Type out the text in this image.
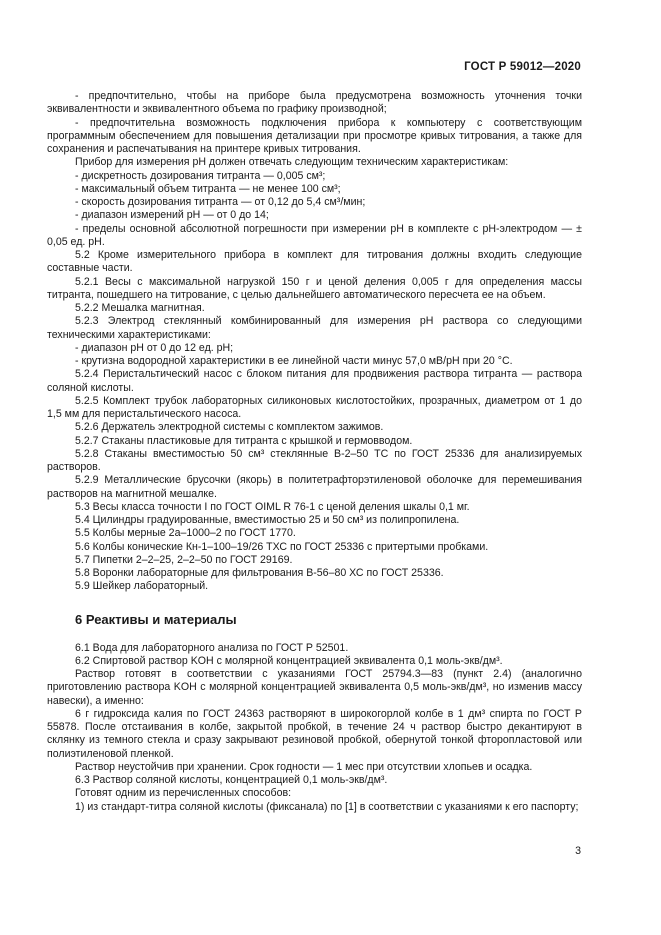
ГОСТ Р 59012—2020

- предпочтительно, чтобы на приборе была предусмотрена возможность уточнения точки эквивалентности и эквивалентного объема по графику производной;

- предпочтительна возможность подключения прибора к компьютеру с соответствующим программным обеспечением для повышения детализации при просмотре кривых титрования, а также для сохранения и распечатывания на принтере кривых титрования.

Прибор для измерения pH должен отвечать следующим техническим характеристикам:

- дискретность дозирования титранта — 0,005 см³;

- максимальный объем титранта — не менее 100 см³;

- скорость дозирования титранта — от 0,12 до 5,4 см³/мин;

- диапазон измерений pH — от 0 до 14;

- пределы основной абсолютной погрешности при измерении pH в комплекте с pH-электродом — ± 0,05 ед. pH.

5.2 Кроме измерительного прибора в комплект для титрования должны входить следующие составные части.

5.2.1 Весы с максимальной нагрузкой 150 г и ценой деления 0,005 г для определения массы титранта, пошедшего на титрование, с целью дальнейшего автоматического пересчета ее на объем.

5.2.2 Мешалка магнитная.

5.2.3 Электрод стеклянный комбинированный для измерения pH раствора со следующими техническими характеристиками:

- диапазон pH от 0 до 12 ед. pH;

- крутизна водородной характеристики в ее линейной части минус 57,0 мВ/pH при 20 °С.

5.2.4 Перистальтический насос с блоком питания для продвижения раствора титранта — раствора соляной кислоты.

5.2.5 Комплект трубок лабораторных силиконовых кислотостойких, прозрачных, диаметром от 1 до 1,5 мм для перистальтического насоса.

5.2.6 Держатель электродной системы с комплектом зажимов.

5.2.7 Стаканы пластиковые для титранта с крышкой и гермовводом.

5.2.8 Стаканы вместимостью 50 см³ стеклянные В-2–50 ТС по ГОСТ 25336 для анализируемых растворов.

5.2.9 Металлические брусочки (якорь) в политетрафторэтиленовой оболочке для перемешивания растворов на магнитной мешалке.

5.3 Весы класса точности I по ГОСТ OIML R 76-1 с ценой деления шкалы 0,1 мг.

5.4 Цилиндры градуированные, вместимостью 25 и 50 см³ из полипропилена.

5.5 Колбы мерные 2а–1000–2 по ГОСТ 1770.

5.6 Колбы конические Кн-1–100–19/26 ТХС по ГОСТ 25336 с притертыми пробками.

5.7 Пипетки 2–2–25, 2–2–50 по ГОСТ 29169.

5.8 Воронки лабораторные для фильтрования В-56–80 ХС по ГОСТ 25336.

5.9 Шейкер лабораторный.

6 Реактивы и материалы

6.1 Вода для лабораторного анализа по ГОСТ Р 52501.

6.2 Спиртовой раствор KOH с молярной концентрацией эквивалента 0,1 моль-экв/дм³.

Раствор готовят в соответствии с указаниями ГОСТ 25794.3—83 (пункт 2.4) (аналогично приготовлению раствора KOH с молярной концентрацией эквивалента 0,5 моль-экв/дм³, но изменив массу навески), а именно:

6 г гидроксида калия по ГОСТ 24363 растворяют в широкогорлой колбе в 1 дм³ спирта по ГОСТ Р 55878. После отстаивания в колбе, закрытой пробкой, в течение 24 ч раствор быстро декантируют в склянку из темного стекла и сразу закрывают резиновой пробкой, обернутой тонкой фторопластовой или полиэтиленовой пленкой.

Раствор неустойчив при хранении. Срок годности — 1 мес при отсутствии хлопьев и осадка.

6.3 Раствор соляной кислоты, концентрацией 0,1 моль-экв/дм³.

Готовят одним из перечисленных способов:

1) из стандарт-титра соляной кислоты (фиксанала) по [1] в соответствии с указаниями к его паспорту;

3
